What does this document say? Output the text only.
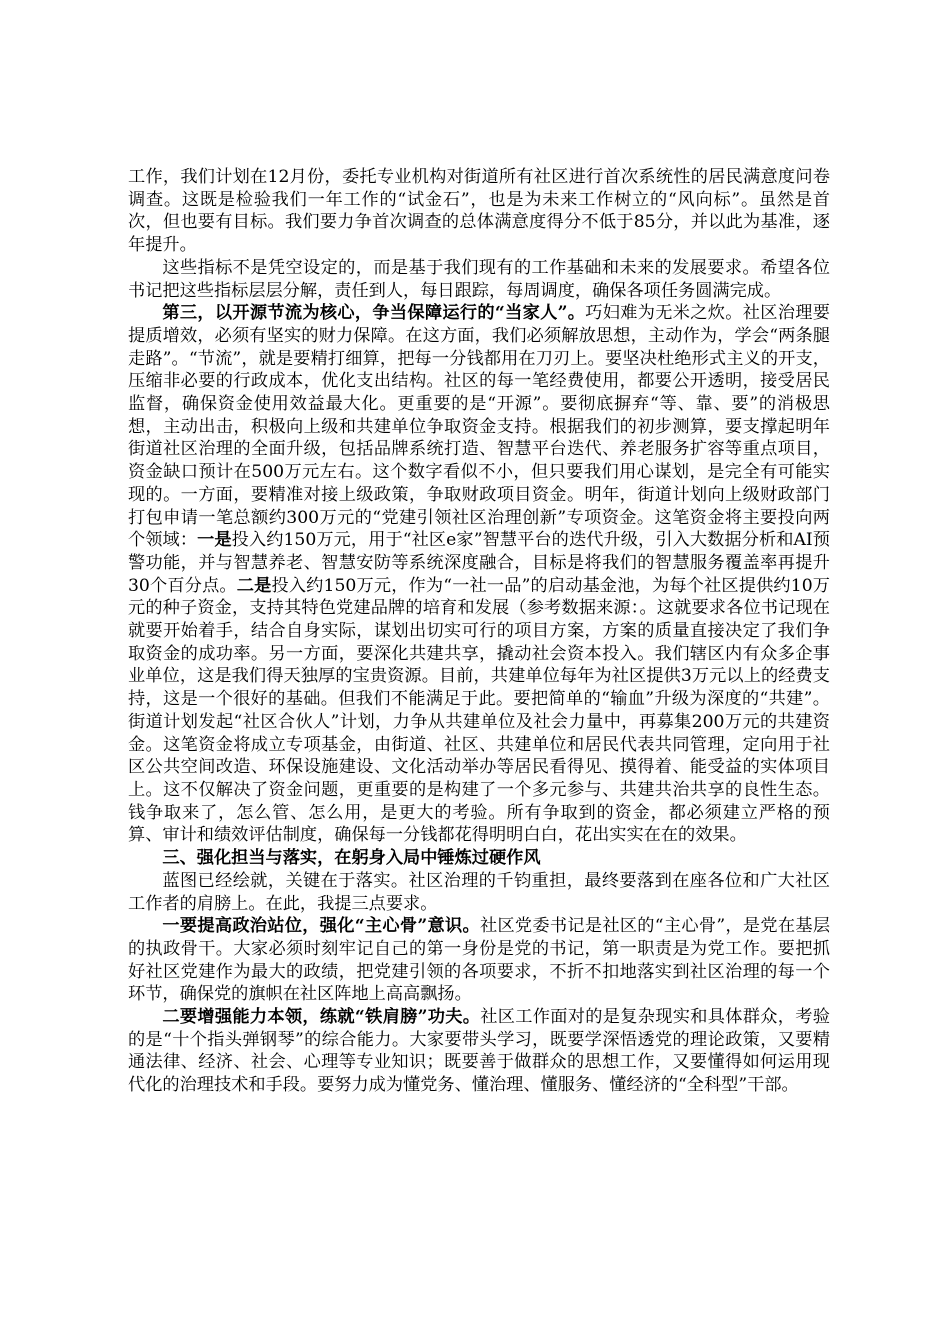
工作，我们计划在12月份，委托专业机构对街道所有社区进行首次系统性的居民满意度问卷调查。这既是检验我们一年工作的“试金石”，也是为未来工作树立的“风向标”。虽然是首次，但也要有目标。我们要力争首次调查的总体满意度得分不低于85分，并以此为基准，逐年提升。

这些指标不是凭空设定的，而是基于我们现有的工作基础和未来的发展要求。希望各位书记把这些指标层层分解，责任到人，每日跟踪，每周调度，确保各项任务圆满完成。

第三，以开源节流为核心，争当保障运行的“当家人”。巧妇难为无米之炊。社区治理要提质增效，必须有坚实的财力保障。在这方面，我们必须解放思想，主动作为，学会“两条腿走路”。“节流”，就是要精打细算，把每一分钱都用在刀刃上。要坚决杜绝形式主义的开支，压缩非必要的行政成本，优化支出结构。社区的每一笔经费使用，都要公开透明，接受居民监督，确保资金使用效益最大化。更重要的是“开源”。要彻底摒弃“等、靠、要”的消极思想，主动出击，积极向上级和共建单位争取资金支持。根据我们的初步测算，要支撑起明年街道社区治理的全面升级，包括品牌系统打造、智慧平台迭代、养老服务扩容等重点项目，资金缺口预计在500万元左右。这个数字看似不小，但只要我们用心谋划，是完全有可能实现的。一方面，要精准对接上级政策，争取财政项目资金。明年，街道计划向上级财政部门打包申请一笔总额约300万元的“党建引领社区治理创新”专项资金。这笔资金将主要投向两个领域：一是投入约150万元，用于“社区e家”智慧平台的迭代升级，引入大数据分析和AI预警功能，并与智慧养老、智慧安防等系统深度融合，目标是将我们的智慧服务覆盖率再提升30个百分点。二是投入约150万元，作为“一社一品”的启动基金池，为每个社区提供约10万元的种子资金，支持其特色党建品牌的培育和发展（参考数据来源：。这就要求各位书记现在就要开始着手，结合自身实际，谋划出切实可行的项目方案，方案的质量直接决定了我们争取资金的成功率。另一方面，要深化共建共享，撬动社会资本投入。我们辖区内有众多企事业单位，这是我们得天独厚的宝贵资源。目前，共建单位每年为社区提供3万元以上的经费支持，这是一个很好的基础。但我们不能满足于此。要把简单的“输血”升级为深度的“共建”。街道计划发起“社区合伙人”计划，力争从共建单位及社会力量中，再募集200万元的共建资金。这笔资金将成立专项基金，由街道、社区、共建单位和居民代表共同管理，定向用于社区公共空间改造、环保设施建设、文化活动举办等居民看得见、摸得着、能受益的实体项目上。这不仅解决了资金问题，更重要的是构建了一个多元参与、共建共治共享的良性生态。钱争取来了，怎么管、怎么用，是更大的考验。所有争取到的资金，都必须建立严格的预算、审计和绩效评估制度，确保每一分钱都花得明明白白，花出实实在在的效果。

三、强化担当与落实，在躬身入局中锤炼过硬作风

蓝图已经绘就，关键在于落实。社区治理的千钧重担，最终要落到在座各位和广大社区工作者的肩膀上。在此，我提三点要求。

一要提高政治站位，强化“主心骨”意识。社区党委书记是社区的“主心骨”，是党在基层的执政骨干。大家必须时刻牢记自己的第一身份是党的书记，第一职责是为党工作。要把抓好社区党建作为最大的政绩，把党建引领的各项要求，不折不扣地落实到社区治理的每一个环节，确保党的旗帜在社区阵地上高高飘扬。

二要增强能力本领，练就“铁肩膀”功夫。社区工作面对的是复杂现实和具体群众，考验的是“十个指头弹钢琴”的综合能力。大家要带头学习，既要学深悟透党的理论政策，又要精通法律、经济、社会、心理等专业知识；既要善于做群众的思想工作，又要懂得如何运用现代化的治理技术和手段。要努力成为懂党务、懂治理、懂服务、懂经济的“全科型”干部。
